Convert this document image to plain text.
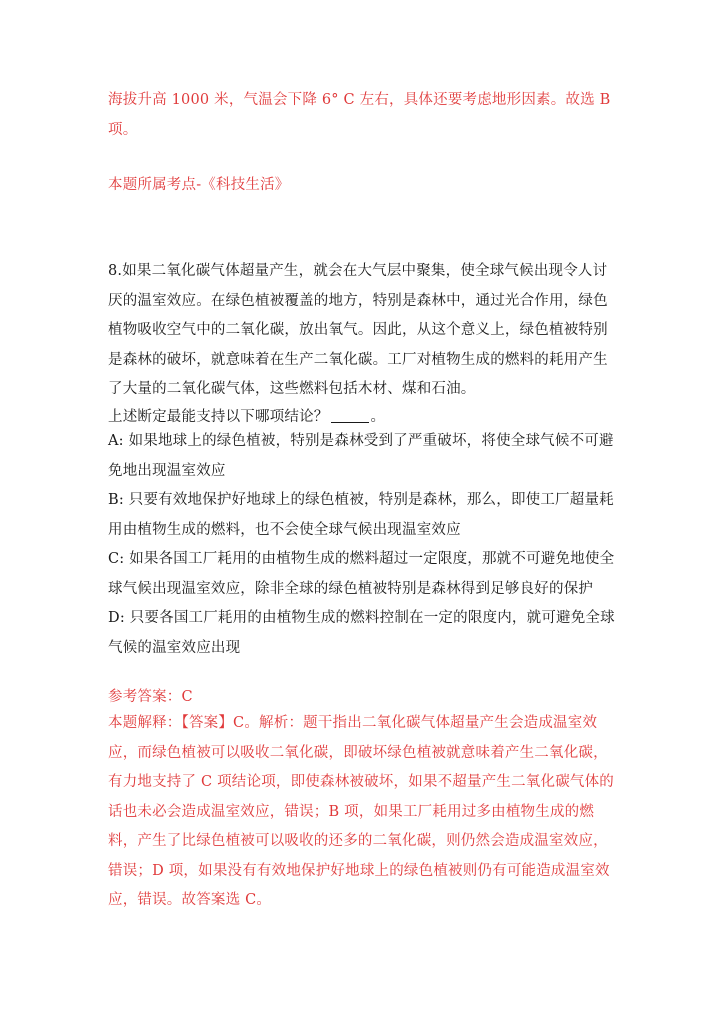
海拔升高 1000 米，气温会下降 6° C 左右，具体还要考虑地形因素。故选 B
项。
本题所属考点-《科技生活》
8.如果二氧化碳气体超量产生，就会在大气层中聚集，使全球气候出现令人讨
厌的温室效应。在绿色植被覆盖的地方，特别是森林中，通过光合作用，绿色
植物吸收空气中的二氧化碳，放出氧气。因此，从这个意义上，绿色植被特别
是森林的破坏，就意味着在生产二氧化碳。工厂对植物生成的燃料的耗用产生
了大量的二氧化碳气体，这些燃料包括木材、煤和石油。
上述断定最能支持以下哪项结论？	。
A: 如果地球上的绿色植被，特别是森林受到了严重破坏，将使全球气候不可避
免地出现温室效应
B: 只要有效地保护好地球上的绿色植被，特别是森林，那么，即使工厂超量耗
用由植物生成的燃料，也不会使全球气候出现温室效应
C: 如果各国工厂耗用的由植物生成的燃料超过一定限度，那就不可避免地使全
球气候出现温室效应，除非全球的绿色植被特别是森林得到足够良好的保护
D: 只要各国工厂耗用的由植物生成的燃料控制在一定的限度内，就可避免全球
气候的温室效应出现
参考答案：C
本题解释：【答案】C。解析：题干指出二氧化碳气体超量产生会造成温室效
应，而绿色植被可以吸收二氧化碳，即破坏绿色植被就意味着产生二氧化碳，
有力地支持了 C 项结论项，即使森林被破坏，如果不超量产生二氧化碳气体的
话也未必会造成温室效应，错误；B 项，如果工厂耗用过多由植物生成的燃
料，产生了比绿色植被可以吸收的还多的二氧化碳，则仍然会造成温室效应，
错误；D 项，如果没有有效地保护好地球上的绿色植被则仍有可能造成温室效
应，错误。故答案选 C。
